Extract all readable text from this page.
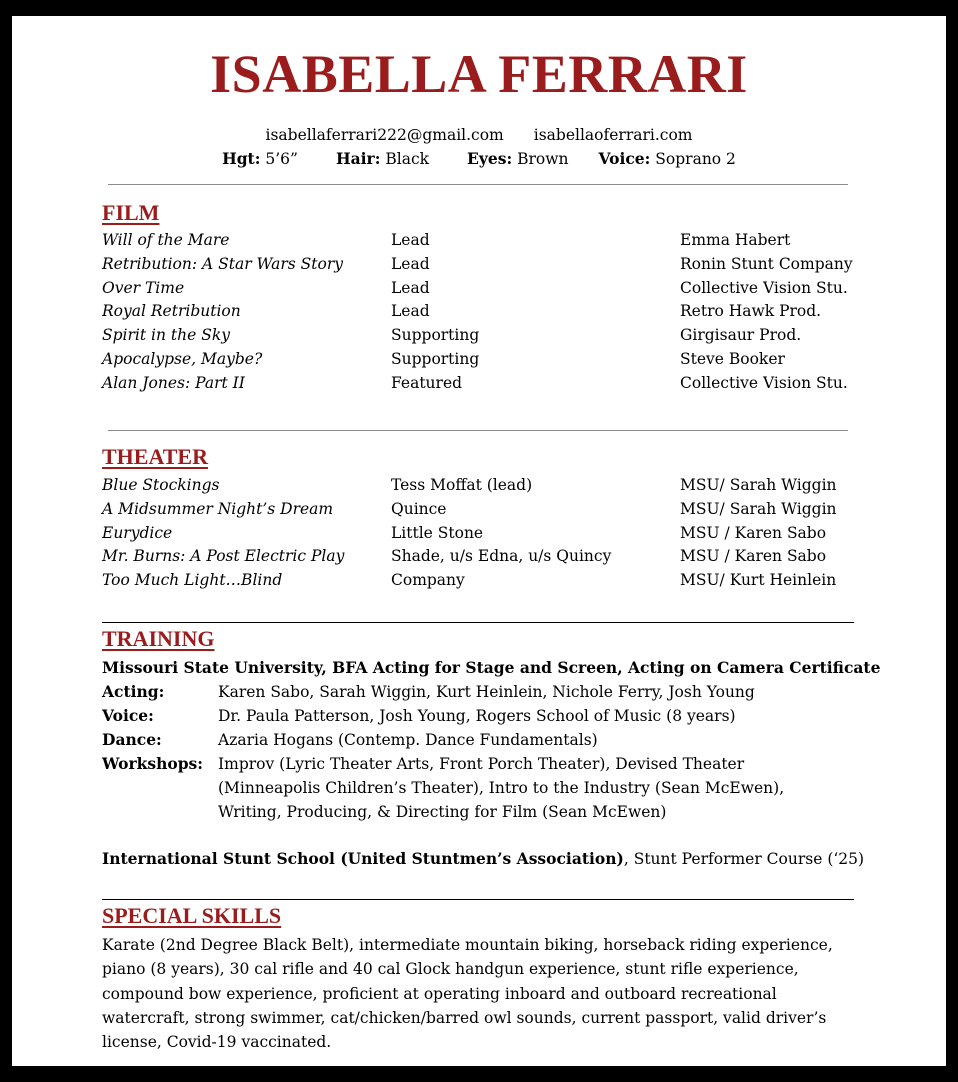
ISABELLA FERRARI
isabellaferrari222@gmail.com isabellaoferrari.com
Hgt: 5’6” Hair: Black Eyes: Brown Voice: Soprano 2
FILM
Will of the Mare	Lead	Emma Habert
Retribution: A Star Wars Story	Lead	Ronin Stunt Company
Over Time	Lead	Collective Vision Stu.
Royal Retribution	Lead	Retro Hawk Prod.
Spirit in the Sky	Supporting	Girgisaur Prod.
Apocalypse, Maybe?	Supporting	Steve Booker
Alan Jones: Part II	Featured	Collective Vision Stu.
THEATER
Blue Stockings	Tess Moffat (lead)	MSU/ Sarah Wiggin
A Midsummer Night’s Dream	Quince	MSU/ Sarah Wiggin
Eurydice	Little Stone	MSU / Karen Sabo
Mr. Burns: A Post Electric Play	Shade, u/s Edna, u/s Quincy	MSU / Karen Sabo
Too Much Light…Blind	Company	MSU/ Kurt Heinlein
TRAINING
Missouri State University, BFA Acting for Stage and Screen, Acting on Camera Certificate
Acting:	Karen Sabo, Sarah Wiggin, Kurt Heinlein, Nichole Ferry, Josh Young
Voice:	Dr. Paula Patterson, Josh Young, Rogers School of Music (8 years)
Dance:	Azaria Hogans (Contemp. Dance Fundamentals)
Workshops: Improv (Lyric Theater Arts, Front Porch Theater), Devised Theater (Minneapolis Children’s Theater), Intro to the Industry (Sean McEwen), Writing, Producing, & Directing for Film (Sean McEwen)
International Stunt School (United Stuntmen’s Association), Stunt Performer Course (‘25)
SPECIAL SKILLS
Karate (2nd Degree Black Belt), intermediate mountain biking, horseback riding experience, piano (8 years), 30 cal rifle and 40 cal Glock handgun experience, stunt rifle experience, compound bow experience, proficient at operating inboard and outboard recreational watercraft, strong swimmer, cat/chicken/barred owl sounds, current passport, valid driver’s license, Covid-19 vaccinated.
